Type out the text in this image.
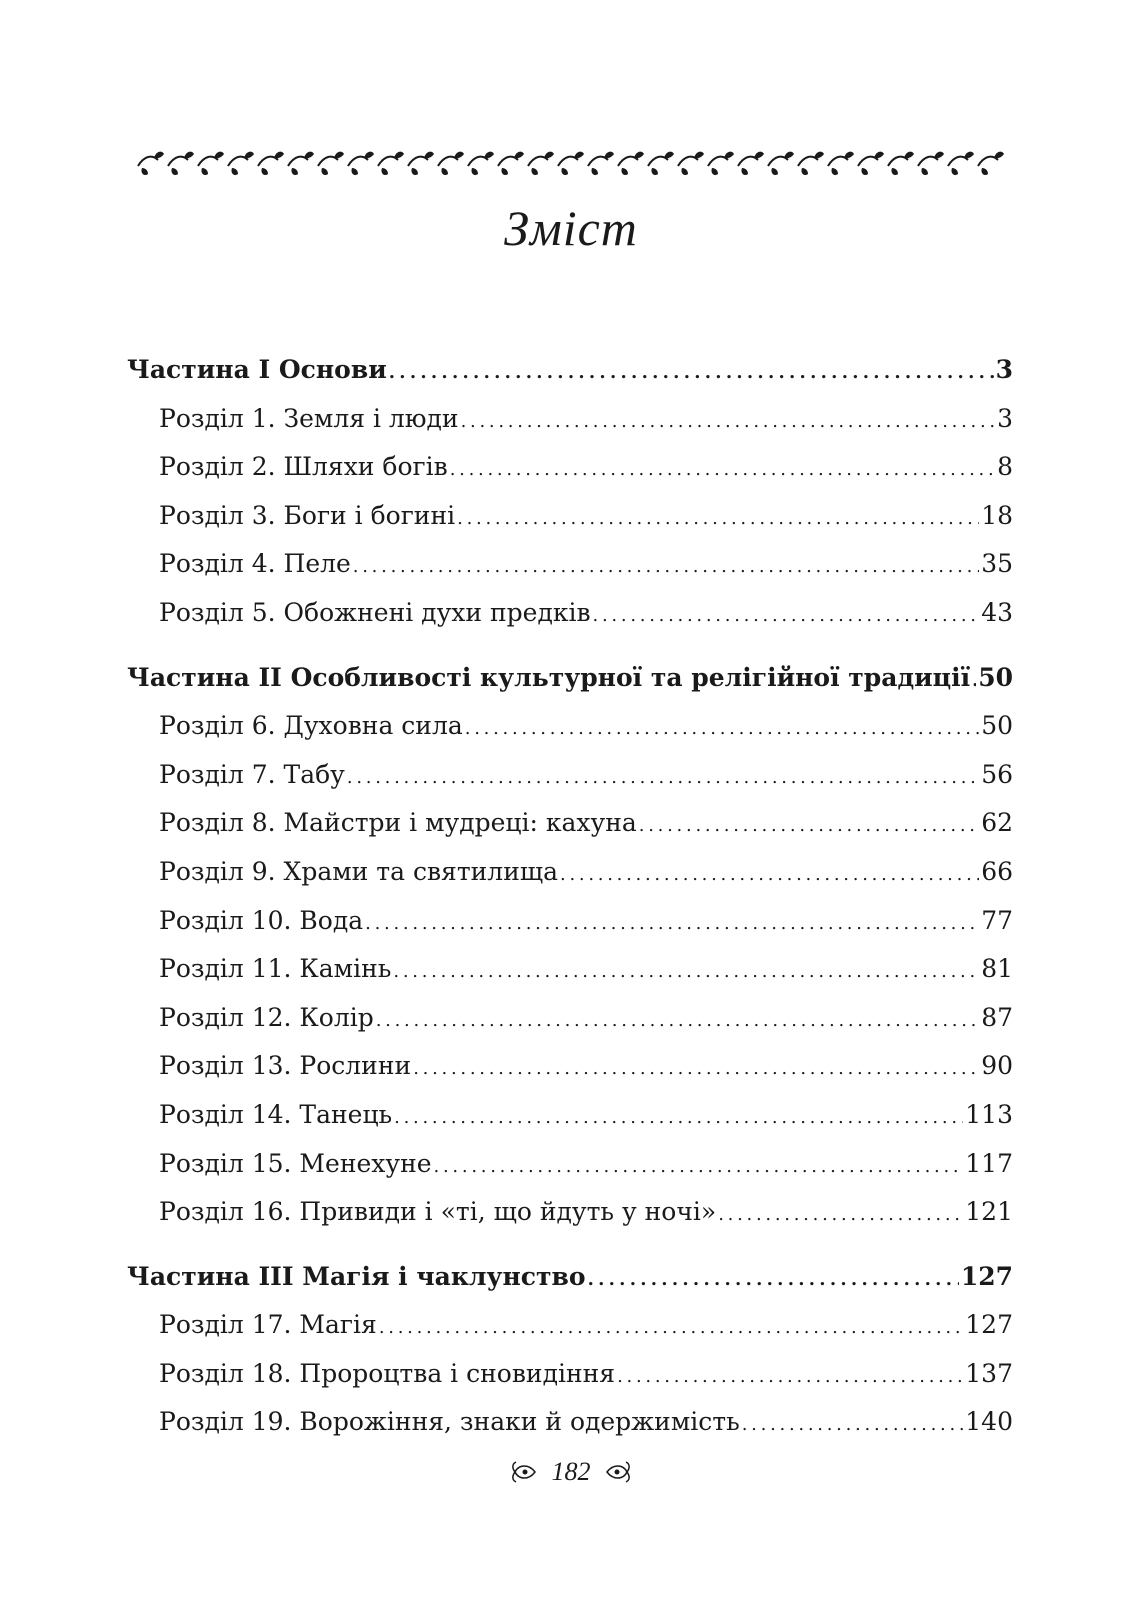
Зміст
Частина I Основи . . .	3
Розділ 1. Земля і люди . . .	3
Розділ 2. Шляхи богів . . .	8
Розділ 3. Боги і богині . . .	18
Розділ 4. Пеле . . .	35
Розділ 5. Обожнені духи предків . . .	43
Частина II Особливості культурної та релігійної традиції . . . 50
Розділ 6. Духовна сила . . .	50
Розділ 7. Табу . . .	56
Розділ 8. Майстри і мудреці: кахуна . . .	62
Розділ 9. Храми та святилища . . .	66
Розділ 10. Вода . . .	77
Розділ 11. Камінь . . .	81
Розділ 12. Колір . . .	87
Розділ 13. Рослини . . .	90
Розділ 14. Танець . . .	113
Розділ 15. Менехуне . . .	117
Розділ 16. Привиди і «ті, що йдуть у ночі» . . .	121
Частина III Магія і чаклунство . . .	127
Розділ 17. Магія . . .	127
Розділ 18. Пророцтва і сновидіння . . .	137
Розділ 19. Ворожіння, знаки й одержимість . . .	140
182
